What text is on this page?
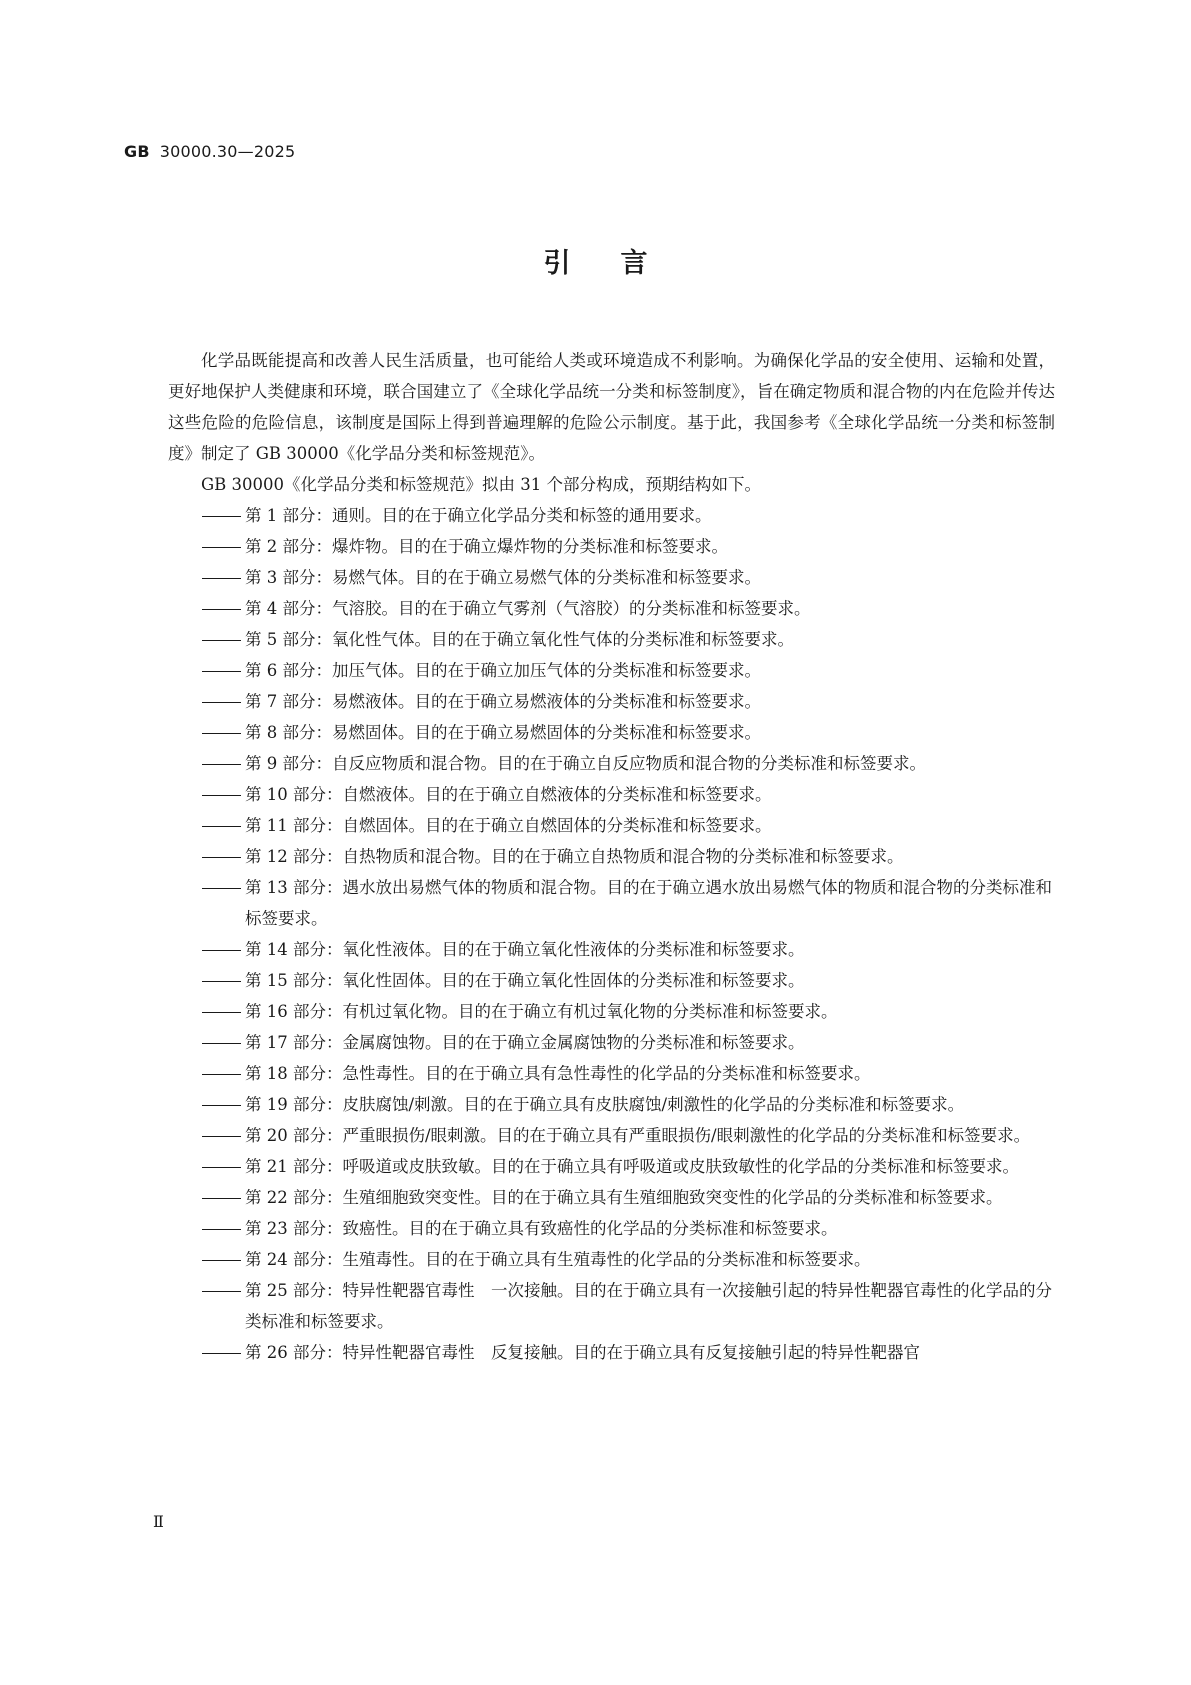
GB 30000.30—2025
引言

化学品既能提高和改善人民生活质量，也可能给人类或环境造成不利影响。为确保化学品的安全使用、运输和处置，更好地保护人类健康和环境，联合国建立了《全球化学品统一分类和标签制度》，旨在确定物质和混合物的内在危险并传达这些危险的危险信息，该制度是国际上得到普遍理解的危险公示制度。基于此，我国参考《全球化学品统一分类和标签制度》制定了 GB 30000《化学品分类和标签规范》。

GB 30000《化学品分类和标签规范》拟由 31 个部分构成，预期结构如下。

第 1 部分：通则。目的在于确立化学品分类和标签的通用要求。
第 2 部分：爆炸物。目的在于确立爆炸物的分类标准和标签要求。
第 3 部分：易燃气体。目的在于确立易燃气体的分类标准和标签要求。
第 4 部分：气溶胶。目的在于确立气雾剂（气溶胶）的分类标准和标签要求。
第 5 部分：氧化性气体。目的在于确立氧化性气体的分类标准和标签要求。
第 6 部分：加压气体。目的在于确立加压气体的分类标准和标签要求。
第 7 部分：易燃液体。目的在于确立易燃液体的分类标准和标签要求。
第 8 部分：易燃固体。目的在于确立易燃固体的分类标准和标签要求。
第 9 部分：自反应物质和混合物。目的在于确立自反应物质和混合物的分类标准和标签要求。
第 10 部分：自燃液体。目的在于确立自燃液体的分类标准和标签要求。
第 11 部分：自燃固体。目的在于确立自燃固体的分类标准和标签要求。
第 12 部分：自热物质和混合物。目的在于确立自热物质和混合物的分类标准和标签要求。
第 13 部分：遇水放出易燃气体的物质和混合物。目的在于确立遇水放出易燃气体的物质和混合物的分类标准和标签要求。
第 14 部分：氧化性液体。目的在于确立氧化性液体的分类标准和标签要求。
第 15 部分：氧化性固体。目的在于确立氧化性固体的分类标准和标签要求。
第 16 部分：有机过氧化物。目的在于确立有机过氧化物的分类标准和标签要求。
第 17 部分：金属腐蚀物。目的在于确立金属腐蚀物的分类标准和标签要求。
第 18 部分：急性毒性。目的在于确立具有急性毒性的化学品的分类标准和标签要求。
第 19 部分：皮肤腐蚀/刺激。目的在于确立具有皮肤腐蚀/刺激性的化学品的分类标准和标签要求。
第 20 部分：严重眼损伤/眼刺激。目的在于确立具有严重眼损伤/眼刺激性的化学品的分类标准和标签要求。
第 21 部分：呼吸道或皮肤致敏。目的在于确立具有呼吸道或皮肤致敏性的化学品的分类标准和标签要求。
第 22 部分：生殖细胞致突变性。目的在于确立具有生殖细胞致突变性的化学品的分类标准和标签要求。
第 23 部分：致癌性。目的在于确立具有致癌性的化学品的分类标准和标签要求。
第 24 部分：生殖毒性。目的在于确立具有生殖毒性的化学品的分类标准和标签要求。
第 25 部分：特异性靶器官毒性　一次接触。目的在于确立具有一次接触引起的特异性靶器官毒性的化学品的分类标准和标签要求。
第 26 部分：特异性靶器官毒性　反复接触。目的在于确立具有反复接触引起的特异性靶器官
Ⅱ
